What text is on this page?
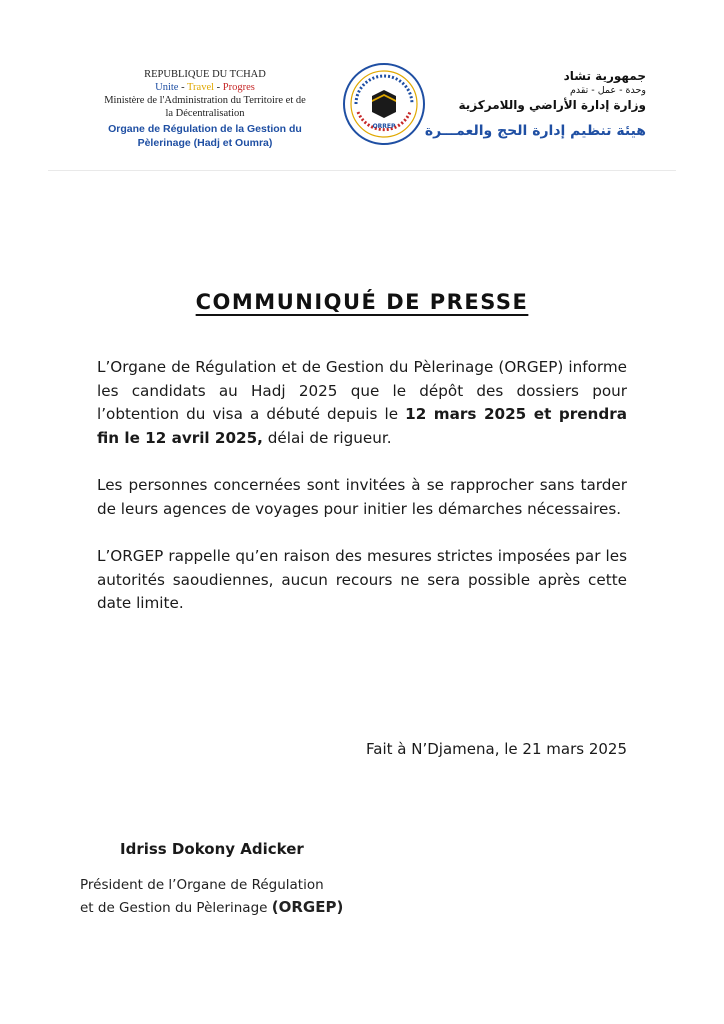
REPUBLIQUE DU TCHAD
Unite - Travel - Progres
Ministère de l'Administration du Territoire et de
la Décentralisation
Organe de Régulation de la Gestion du
Pèlerinage (Hadj et Oumra)
ORREP
جمهورية تشاد
وحدة - عمل - تقدم
وزارة إدارة الأراضي واللامركزية
هيئة تنظيم إدارة الحج والعمـــرة
COMMUNIQUÉ DE PRESSE

L’Organe de Régulation et de Gestion du Pèlerinage (ORGEP) informe les candidats au Hadj 2025 que le dépôt des dossiers pour l’obtention du visa a débuté depuis le 12 mars 2025 et prendra fin le 12 avril 2025, délai de rigueur.

Les personnes concernées sont invitées à se rapprocher sans tarder de leurs agences de voyages pour initier les démarches nécessaires.

L’ORGEP rappelle qu’en raison des mesures strictes imposées par les autorités saoudiennes, aucun recours ne sera possible après cette date limite.

Fait à N’Djamena, le 21 mars 2025
Idriss Dokony Adicker
Président de l’Organe de Régulation
et de Gestion du Pèlerinage (ORGEP)
